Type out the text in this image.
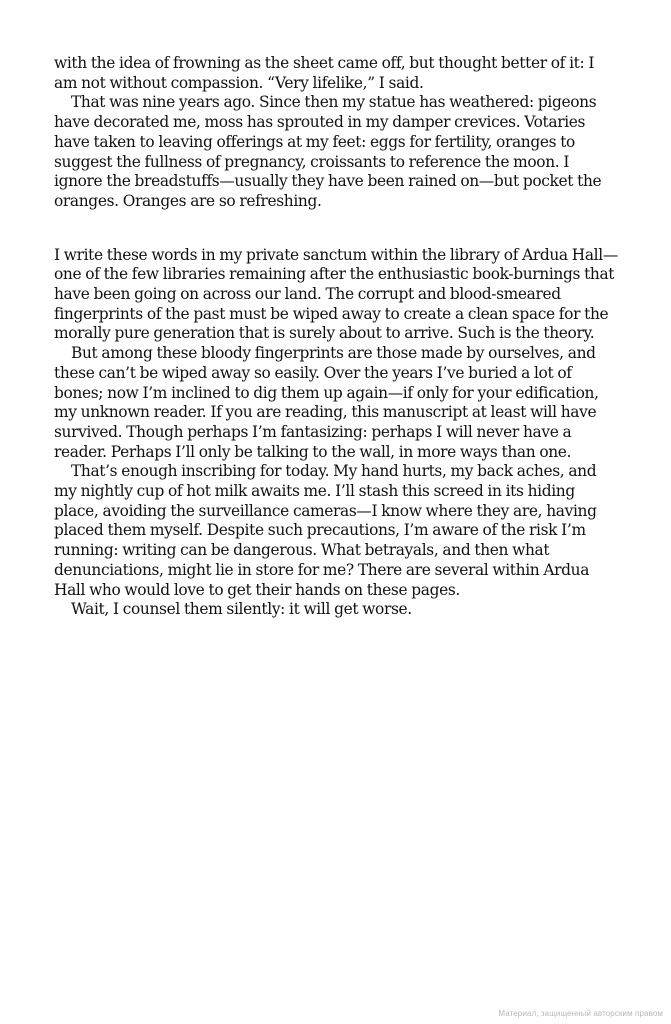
with the idea of frowning as the sheet came off, but thought better of it: I am not without compassion. “Very lifelike,” I said.

That was nine years ago. Since then my statue has weathered: pigeons have decorated me, moss has sprouted in my damper crevices. Votaries have taken to leaving offerings at my feet: eggs for fertility, oranges to suggest the fullness of pregnancy, croissants to reference the moon. I ignore the breadstuffs—usually they have been rained on—but pocket the oranges. Oranges are so refreshing.

I write these words in my private sanctum within the library of Ardua Hall—one of the few libraries remaining after the enthusiastic book-burnings that have been going on across our land. The corrupt and blood-smeared fingerprints of the past must be wiped away to create a clean space for the morally pure generation that is surely about to arrive. Such is the theory.

But among these bloody fingerprints are those made by ourselves, and these can’t be wiped away so easily. Over the years I’ve buried a lot of bones; now I’m inclined to dig them up again—if only for your edification, my unknown reader. If you are reading, this manuscript at least will have survived. Though perhaps I’m fantasizing: perhaps I will never have a reader. Perhaps I’ll only be talking to the wall, in more ways than one.

That’s enough inscribing for today. My hand hurts, my back aches, and my nightly cup of hot milk awaits me. I’ll stash this screed in its hiding place, avoiding the surveillance cameras—I know where they are, having placed them myself. Despite such precautions, I’m aware of the risk I’m running: writing can be dangerous. What betrayals, and then what denunciations, might lie in store for me? There are several within Ardua Hall who would love to get their hands on these pages.

Wait, I counsel them silently: it will get worse.

Материал, защищенный авторским правом
